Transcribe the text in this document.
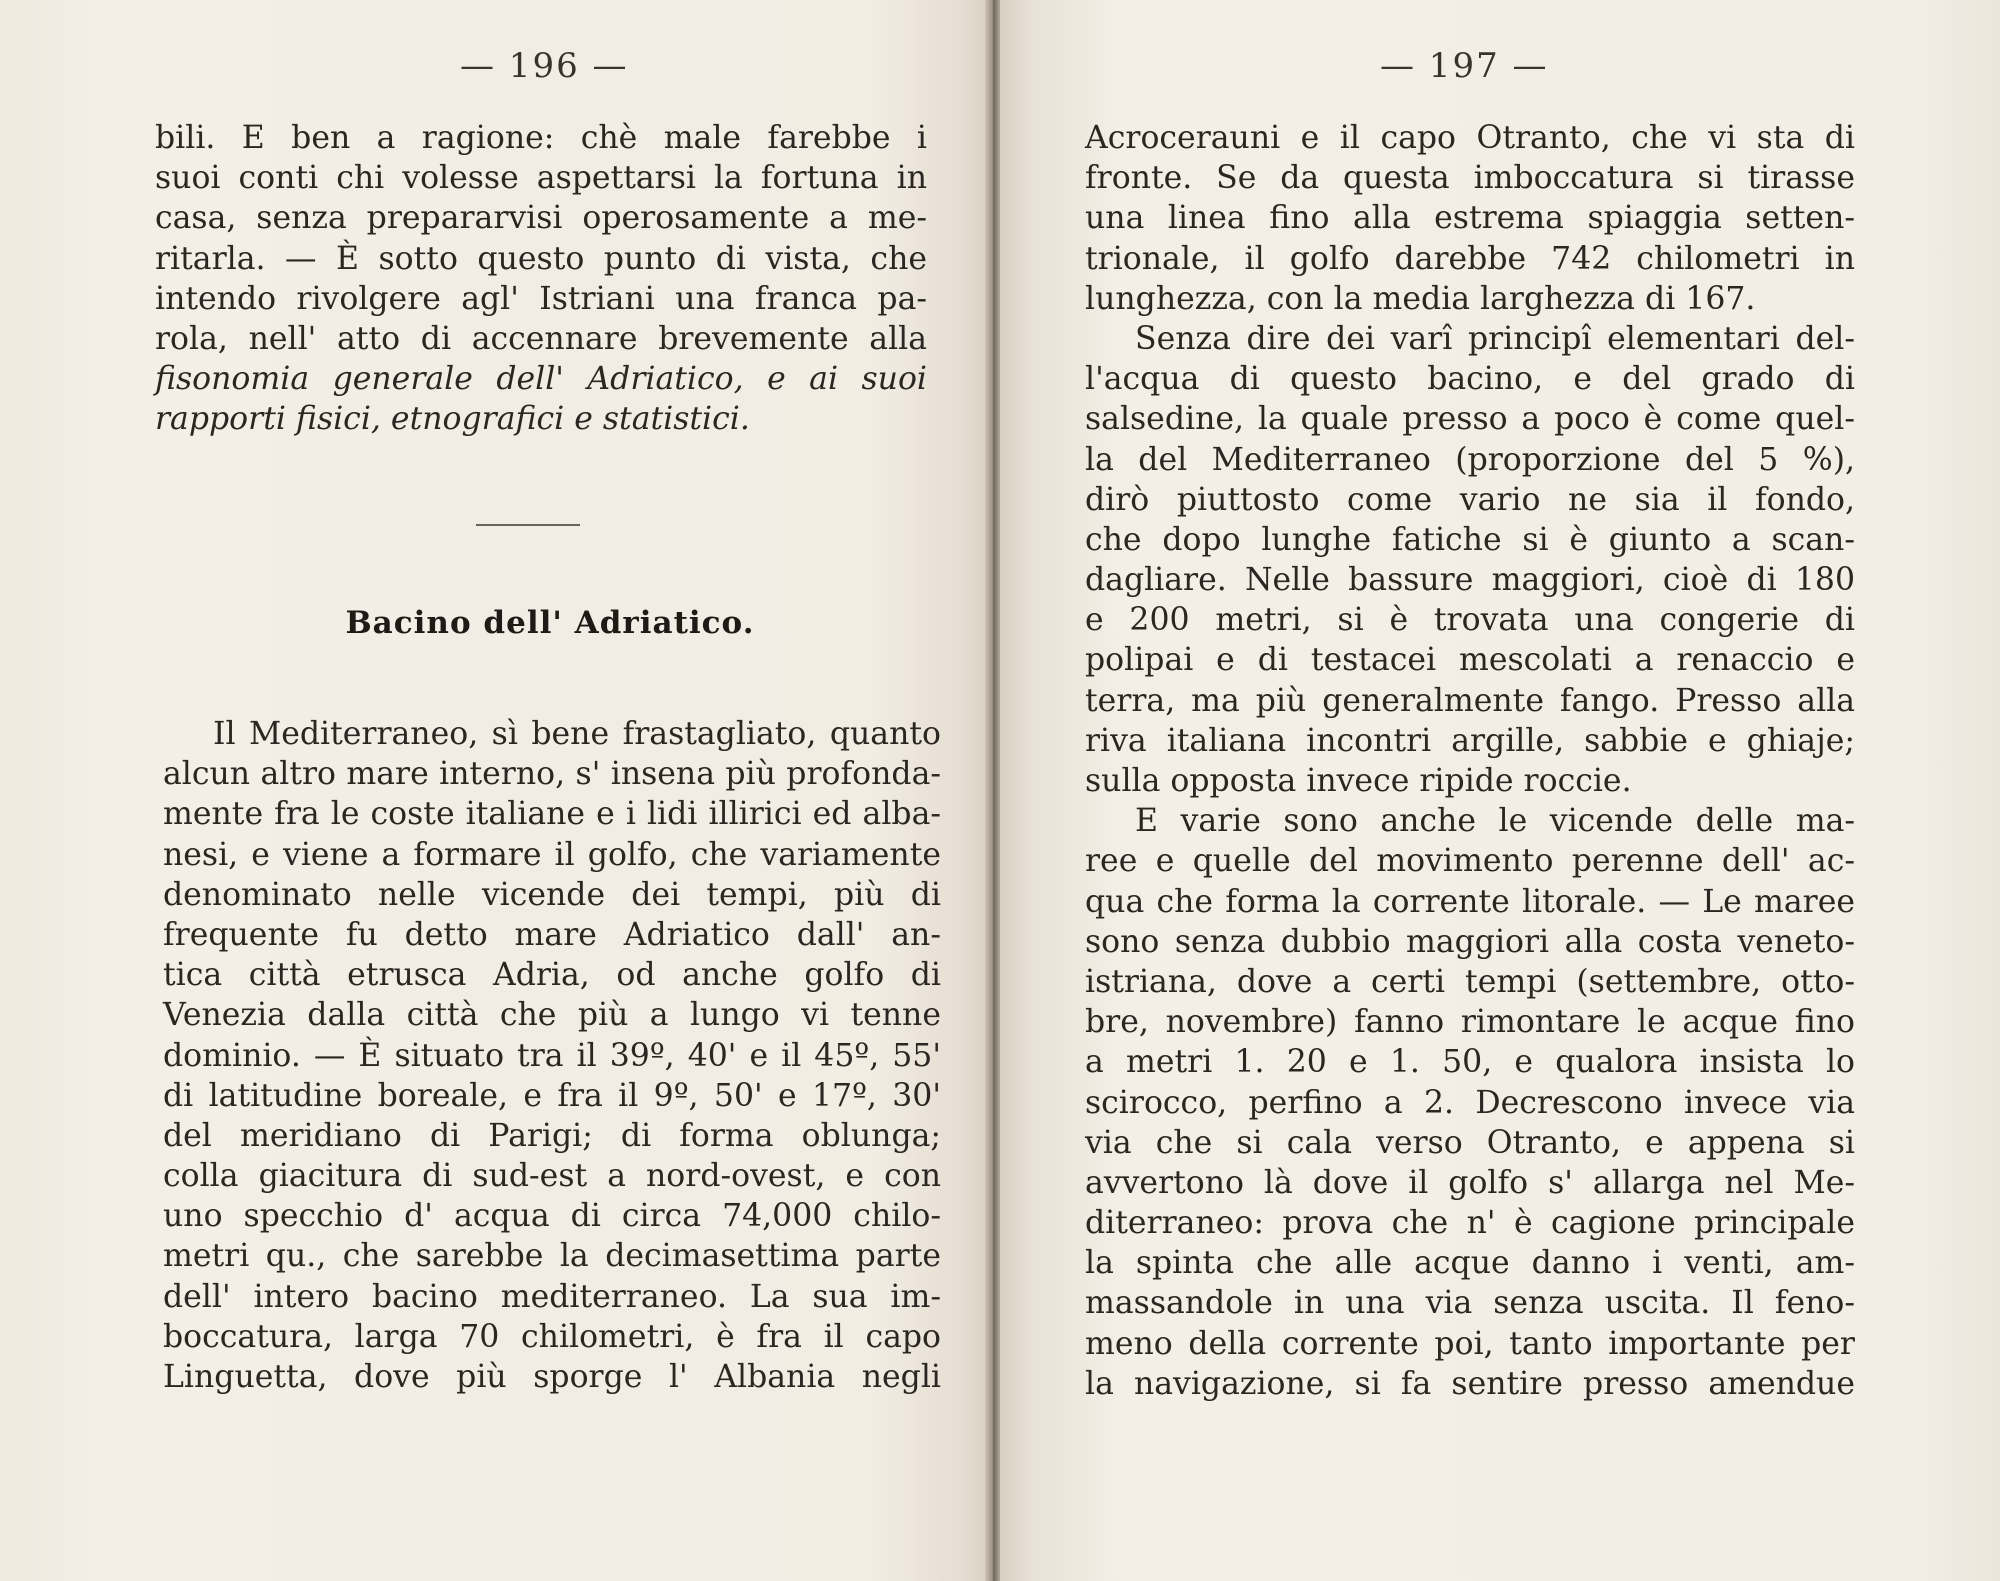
— 196 —
bili. E ben a ragione: chè male farebbe i
suoi conti chi volesse aspettarsi la fortuna in
casa, senza prepararvisi operosamente a me-
ritarla. — È sotto questo punto di vista, che
intendo rivolgere agl' Istriani una franca pa-
rola, nell' atto di accennare brevemente alla
fisonomia generale dell' Adriatico, e ai suoi
rapporti fisici, etnografici e statistici.
Bacino dell' Adriatico.
Il Mediterraneo, sì bene frastagliato, quanto
alcun altro mare interno, s' insena più profonda-
mente fra le coste italiane e i lidi illirici ed alba-
nesi, e viene a formare il golfo, che variamente
denominato nelle vicende dei tempi, più di
frequente fu detto mare Adriatico dall' an-
tica città etrusca Adria, od anche golfo di
Venezia dalla città che più a lungo vi tenne
dominio. — È situato tra il 39º, 40' e il 45º, 55'
di latitudine boreale, e fra il 9º, 50' e 17º, 30'
del meridiano di Parigi; di forma oblunga;
colla giacitura di sud-est a nord-ovest, e con
uno specchio d' acqua di circa 74,000 chilo-
metri qu., che sarebbe la decimasettima parte
dell' intero bacino mediterraneo. La sua im-
boccatura, larga 70 chilometri, è fra il capo
Linguetta, dove più sporge l' Albania negli
— 197 —
Acrocerauni e il capo Otranto, che vi sta di
fronte. Se da questa imboccatura si tirasse
una linea fino alla estrema spiaggia setten-
trionale, il golfo darebbe 742 chilometri in
lunghezza, con la media larghezza di 167.
Senza dire dei varî principî elementari del-
l'acqua di questo bacino, e del grado di
salsedine, la quale presso a poco è come quel-
la del Mediterraneo (proporzione del 5 %),
dirò piuttosto come vario ne sia il fondo,
che dopo lunghe fatiche si è giunto a scan-
dagliare. Nelle bassure maggiori, cioè di 180
e 200 metri, si è trovata una congerie di
polipai e di testacei mescolati a renaccio e
terra, ma più generalmente fango. Presso alla
riva italiana incontri argille, sabbie e ghiaje;
sulla opposta invece ripide roccie.
E varie sono anche le vicende delle ma-
ree e quelle del movimento perenne dell' ac-
qua che forma la corrente litorale. — Le maree
sono senza dubbio maggiori alla costa veneto-
istriana, dove a certi tempi (settembre, otto-
bre, novembre) fanno rimontare le acque fino
a metri 1. 20 e 1. 50, e qualora insista lo
scirocco, perfino a 2. Decrescono invece via
via che si cala verso Otranto, e appena si
avvertono là dove il golfo s' allarga nel Me-
diterraneo: prova che n' è cagione principale
la spinta che alle acque danno i venti, am-
massandole in una via senza uscita. Il feno-
meno della corrente poi, tanto importante per
la navigazione, si fa sentire presso amendue
